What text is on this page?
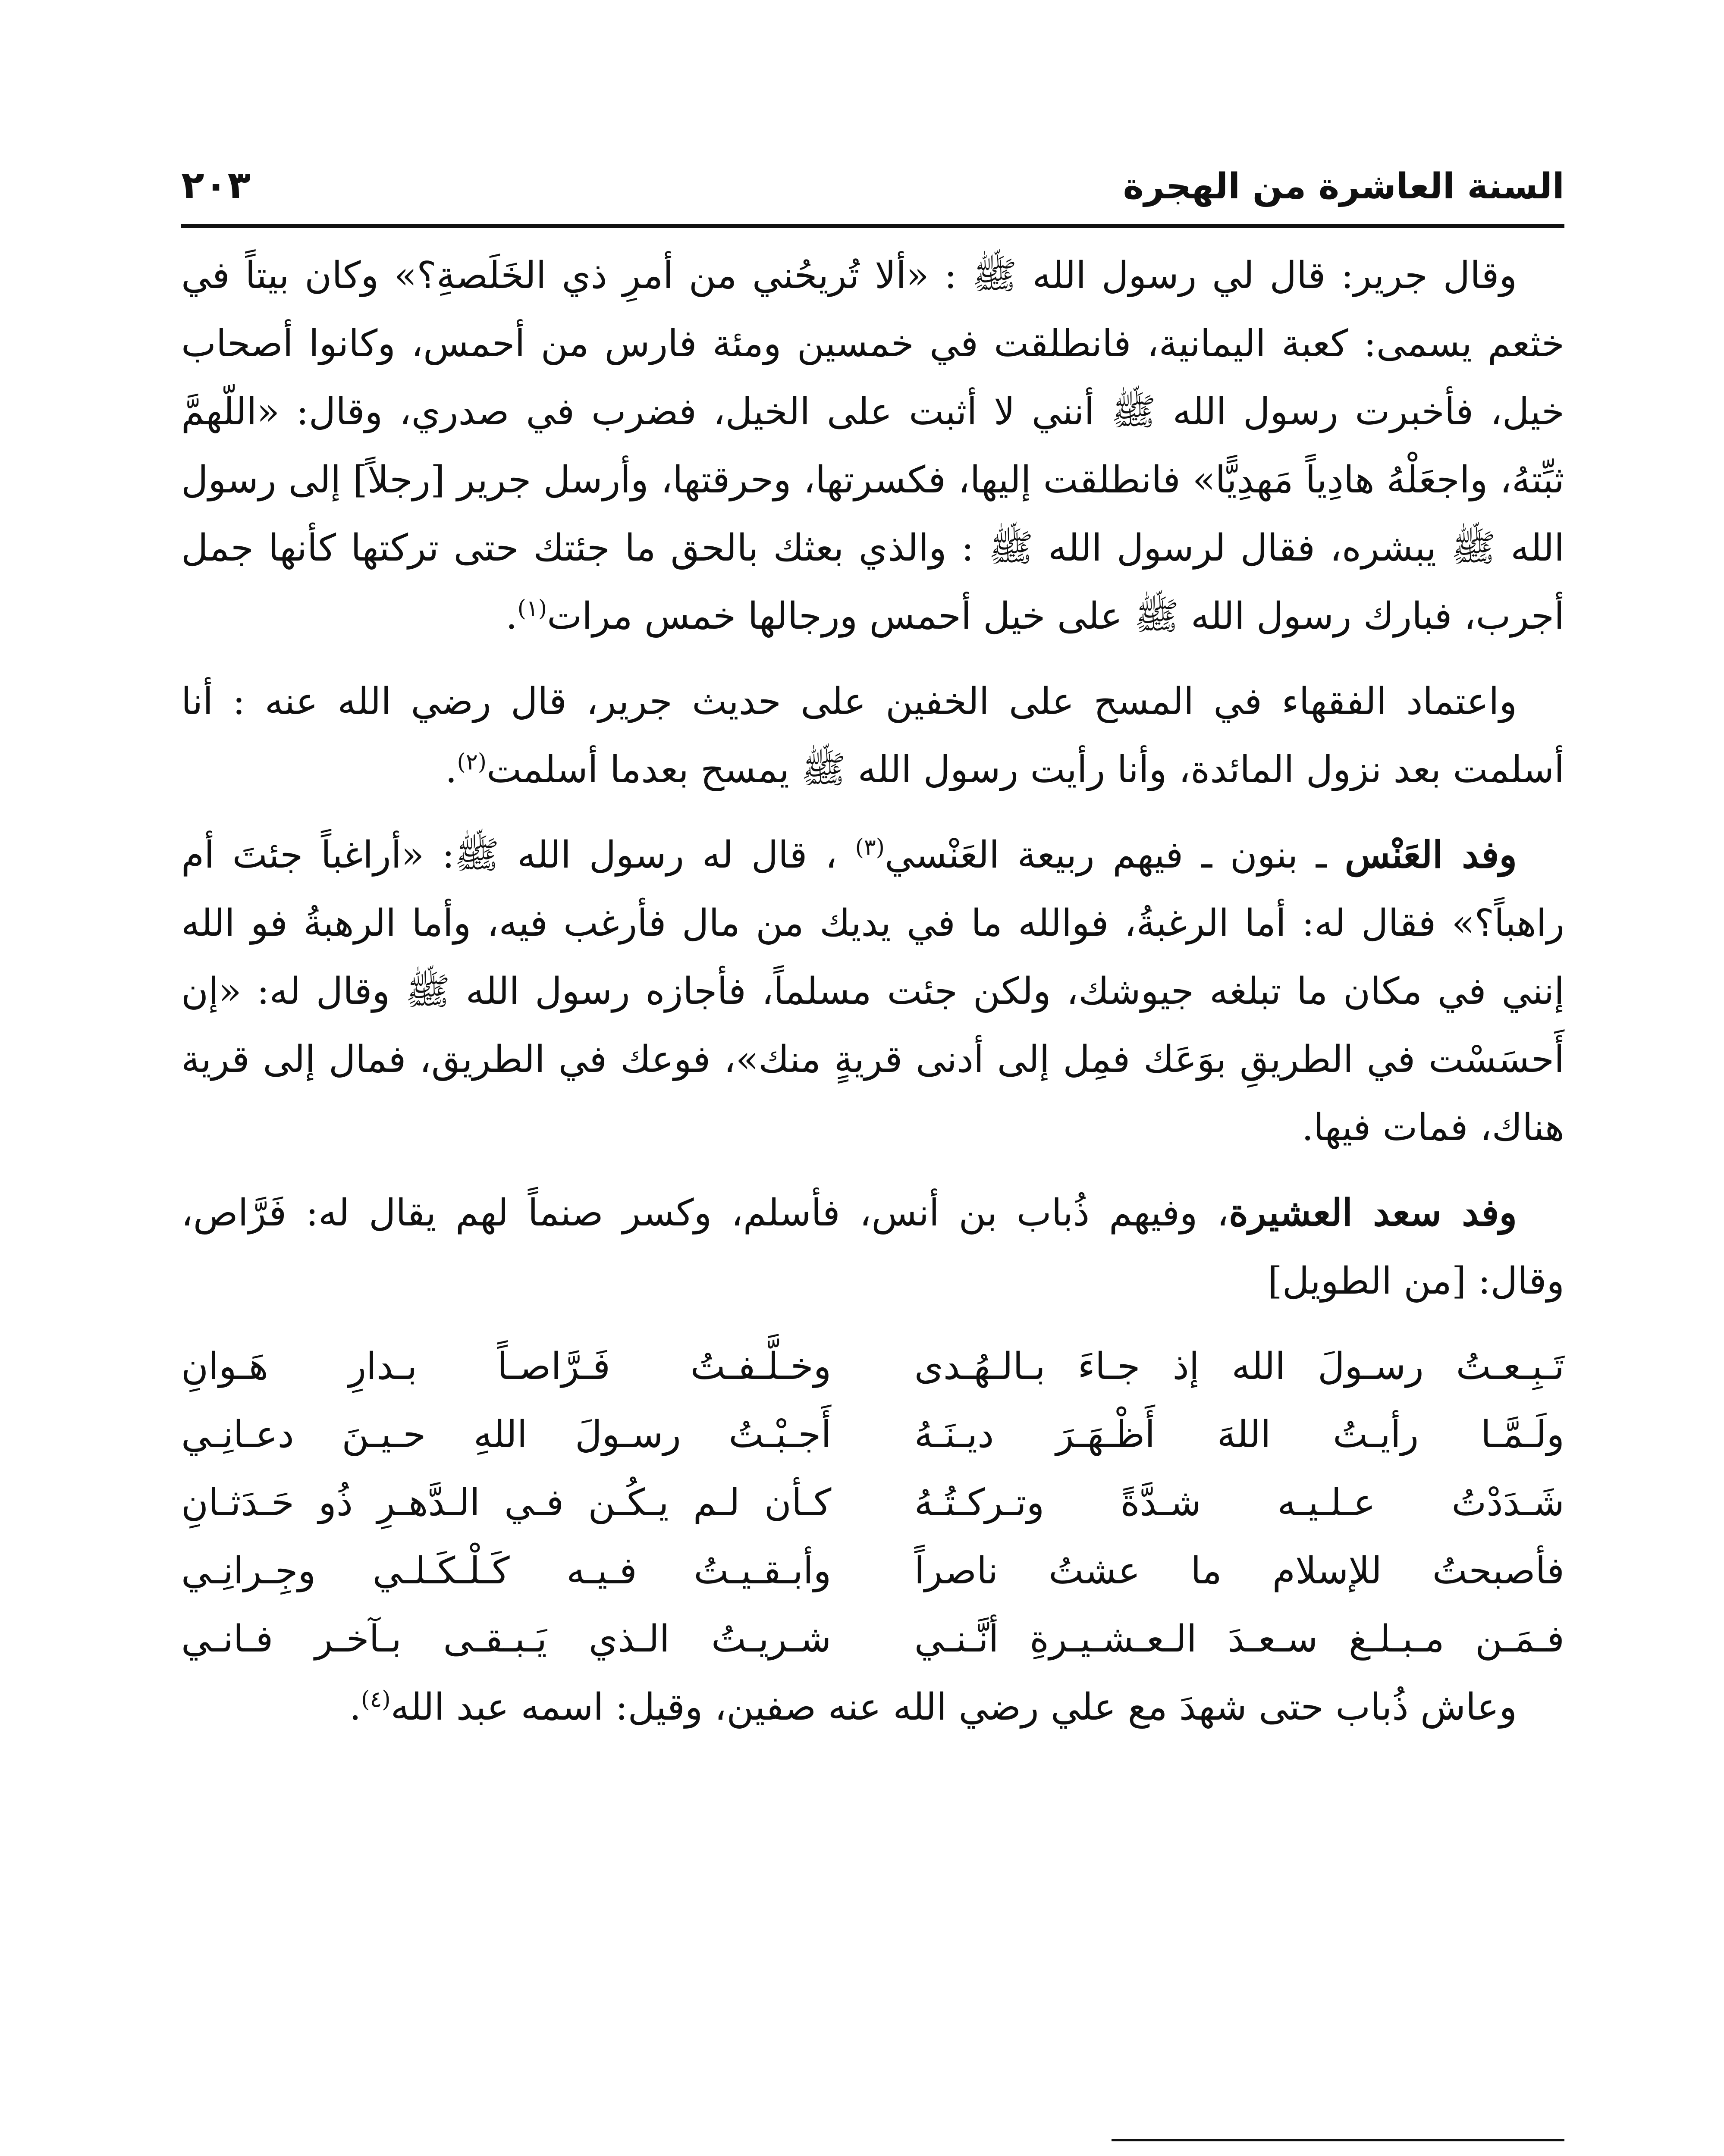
السنة العاشرة من الهجرة
٢٠٣

وقال جرير: قال لي رسول الله ﷺ : «ألا تُريحُني من أمرِ ذي الخَلَصةِ؟» وكان بيتاً في خثعم يسمى: كعبة اليمانية، فانطلقت في خمسين ومئة فارس من أحمس، وكانوا أصحاب خيل، فأخبرت رسول الله ﷺ أنني لا أثبت على الخيل، فضرب في صدري، وقال: «اللّهمَّ ثبِّتهُ، واجعَلْهُ هادِياً مَهدِيًّا» فانطلقت إليها، فكسرتها، وحرقتها، وأرسل جرير [رجلاً] إلى رسول الله ﷺ يبشره، فقال لرسول الله ﷺ : والذي بعثك بالحق ما جئتك حتى تركتها كأنها جمل أجرب، فبارك رسول الله ﷺ على خيل أحمس ورجالها خمس مرات$^{(١)}$.

واعتماد الفقهاء في المسح على الخفين على حديث جرير، قال رضي الله عنه : أنا أسلمت بعد نزول المائدة، وأنا رأيت رسول الله ﷺ يمسح بعدما أسلمت$^{(٢)}$.

وفد العَنْس ـ بنون ـ فيهم ربيعة العَنْسي$^{(٣)}$ ، قال له رسول الله ﷺ: «أراغباً جئتَ أم راهباً؟» فقال له: أما الرغبةُ، فوالله ما في يديك من مال فأرغب فيه، وأما الرهبةُ فو الله إنني في مكان ما تبلغه جيوشك، ولكن جئت مسلماً، فأجازه رسول الله ﷺ وقال له: «إن أَحسَسْت في الطريقِ بوَعَك فمِل إلى أدنى قريةٍ منك»، فوعك في الطريق، فمال إلى قرية هناك، فمات فيها.

وفد سعد العشيرة، وفيهم ذُباب بن أنس، فأسلم، وكسر صنماً لهم يقال له: فَرَّاص، وقال: [من الطويل]

تَـبِـعـتُ رسـولَ الله إذ جـاءَ بـالـهُـدى
وخـلَّـفـتُ فَـرَّاصـاً بـدارِ هَـوانِ
ولَـمَّـا رأيـتُ اللهَ أَظْـهَـرَ ديـنَـهُ
أَجـبْـتُ رسـولَ اللهِ حـيـنَ دعـانِـي
شَـدَدْتُ عـلـيـه شـدَّةً وتـركـتُـهُ
كـأن لـم يـكُـن فـي الـدَّهـرِ ذُو حَـدَثـانِ
فأصبحتُ للإسلام ما عشتُ ناصراً
وأبـقـيـتُ فـيـه كَـلْـكَـلـي وجِـرانِـي
فـمَـن مـبـلـغ سـعـدَ الـعـشـيـرةِ أنَّـنـي
شـريـتُ الـذي يَـبـقـى بـآخـر فـانـي

وعاش ذُباب حتى شهدَ مع علي رضي الله عنه صفين، وقيل: اسمه عبد الله$^{(٤)}$.
